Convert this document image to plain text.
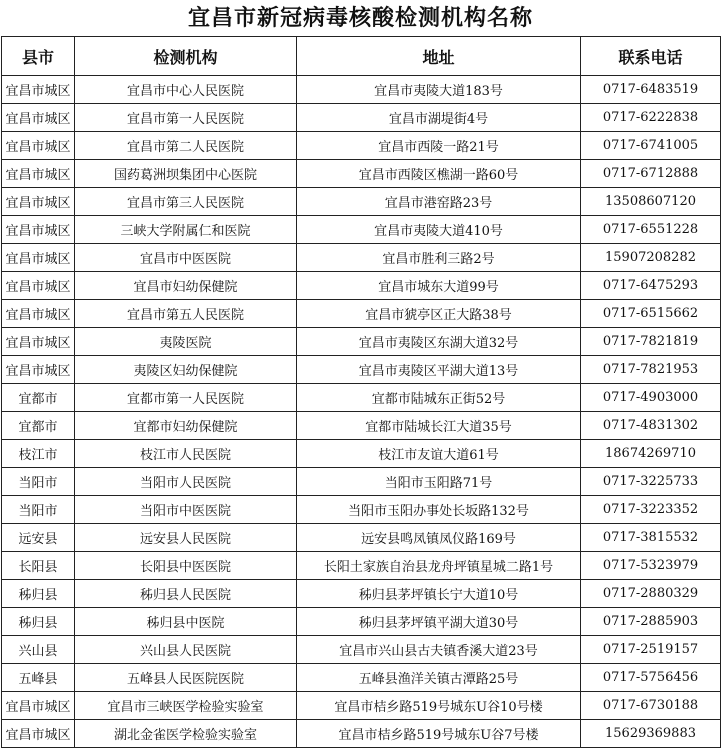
宜昌市新冠病毒核酸检测机构名称
县市	检测机构	地址	联系电话
宜昌市城区	宜昌市中心人民医院	宜昌市夷陵大道183号	0717-6483519
宜昌市城区	宜昌市第一人民医院	宜昌市湖堤街4号	0717-6222838
宜昌市城区	宜昌市第二人民医院	宜昌市西陵一路21号	0717-6741005
宜昌市城区	国药葛洲坝集团中心医院	宜昌市西陵区樵湖一路60号	0717-6712888
宜昌市城区	宜昌市第三人民医院	宜昌市港窑路23号	13508607120
宜昌市城区	三峡大学附属仁和医院	宜昌市夷陵大道410号	0717-6551228
宜昌市城区	宜昌市中医医院	宜昌市胜利三路2号	15907208282
宜昌市城区	宜昌市妇幼保健院	宜昌市城东大道99号	0717-6475293
宜昌市城区	宜昌市第五人民医院	宜昌市猇亭区正大路38号	0717-6515662
宜昌市城区	夷陵医院	宜昌市夷陵区东湖大道32号	0717-7821819
宜昌市城区	夷陵区妇幼保健院	宜昌市夷陵区平湖大道13号	0717-7821953
宜都市	宜都市第一人民医院	宜都市陆城东正街52号	0717-4903000
宜都市	宜都市妇幼保健院	宜都市陆城长江大道35号	0717-4831302
枝江市	枝江市人民医院	枝江市友谊大道61号	18674269710
当阳市	当阳市人民医院	当阳市玉阳路71号	0717-3225733
当阳市	当阳市中医医院	当阳市玉阳办事处长坂路132号	0717-3223352
远安县	远安县人民医院	远安县鸣凤镇凤仪路169号	0717-3815532
长阳县	长阳县中医医院	长阳土家族自治县龙舟坪镇星城二路1号	0717-5323979
秭归县	秭归县人民医院	秭归县茅坪镇长宁大道10号	0717-2880329
秭归县	秭归县中医院	秭归县茅坪镇平湖大道30号	0717-2885903
兴山县	兴山县人民医院	宜昌市兴山县古夫镇香溪大道23号	0717-2519157
五峰县	五峰县人民医院医院	五峰县渔洋关镇古潭路25号	0717-5756456
宜昌市城区	宜昌市三峡医学检验实验室	宜昌市桔乡路519号城东U谷10号楼	0717-6730188
宜昌市城区	湖北金雀医学检验实验室	宜昌市桔乡路519号城东U谷7号楼	15629369883
